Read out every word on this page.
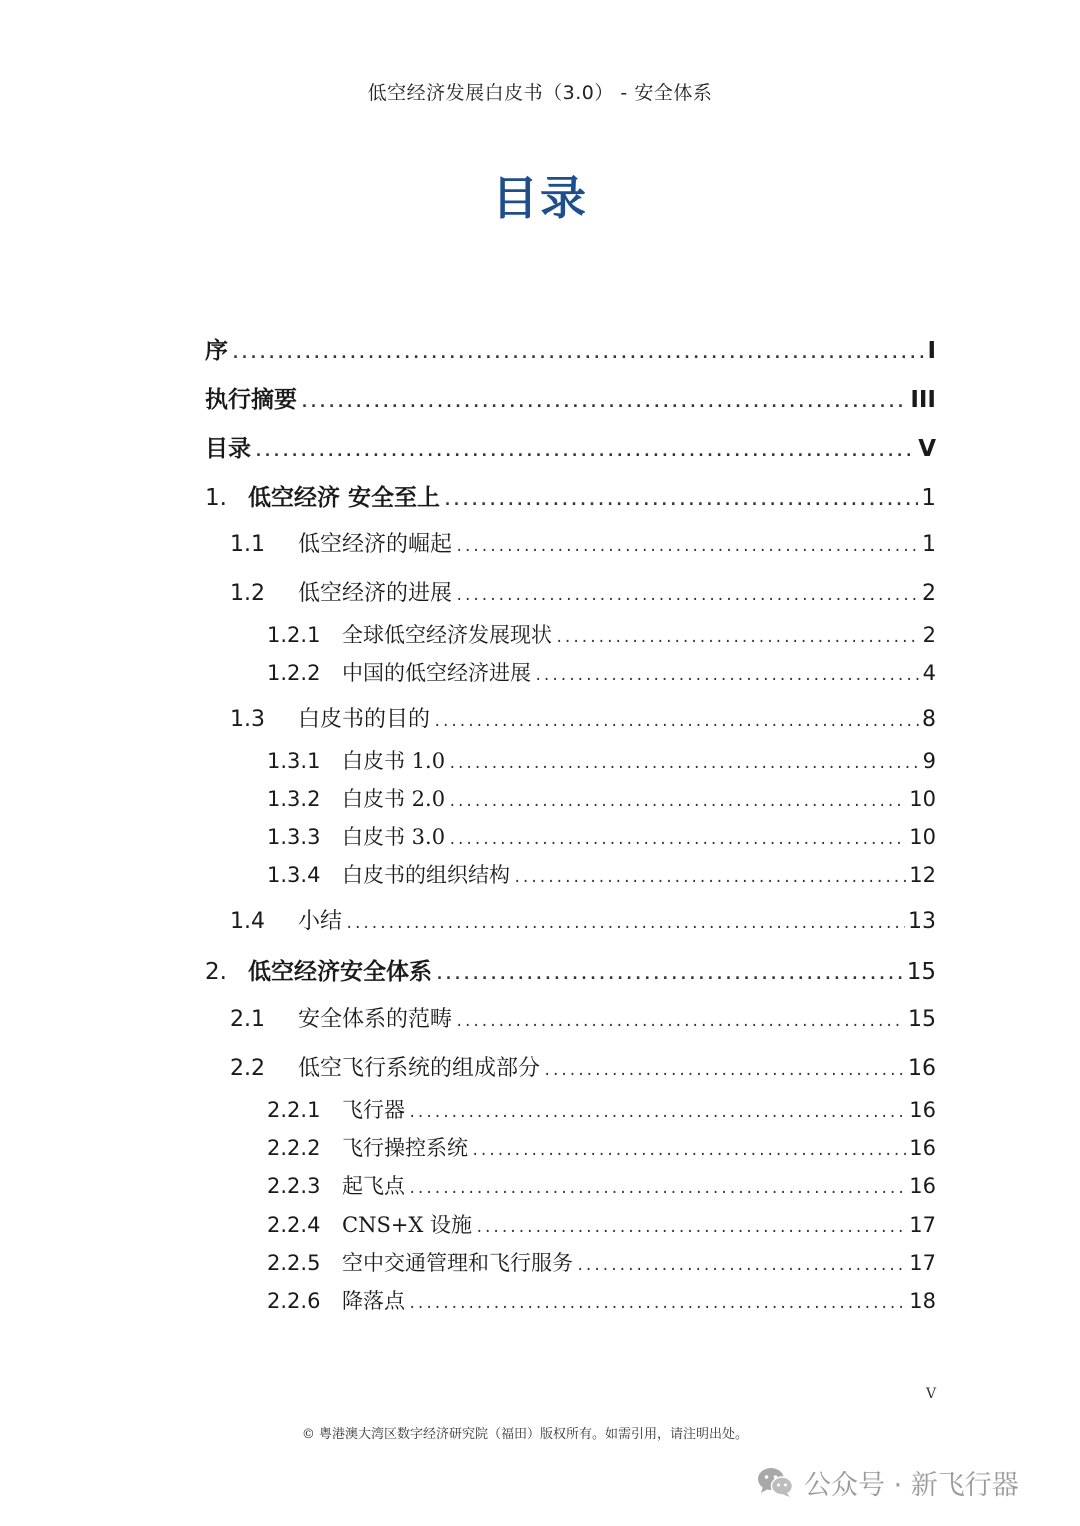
低空经济发展白皮书（3.0） - 安全体系
目录
序 .....	I
执行摘要 .....	III
目录 .....	V
1. 低空经济 安全至上 .....	1
1.1	低空经济的崛起 .....	1
1.2	低空经济的进展 .....	2
1.2.1	全球低空经济发展现状 .....	2
1.2.2	中国的低空经济进展 .....	4
1.3	白皮书的目的 .....	8
1.3.1	白皮书 1.0 .....	9
1.3.2	白皮书 2.0 .....	10
1.3.3	白皮书 3.0 .....	10
1.3.4	白皮书的组织结构 .....	12
1.4	小结 .....	13
2. 低空经济安全体系 .....	15
2.1	安全体系的范畴 .....	15
2.2	低空飞行系统的组成部分 .....	16
2.2.1	飞行器 .....	16
2.2.2	飞行操控系统 .....	16
2.2.3	起飞点 .....	16
2.2.4	CNS+X 设施 .....	17
2.2.5	空中交通管理和飞行服务 .....	17
2.2.6	降落点 .....	18
V
© 粤港澳大湾区数字经济研究院（福田）版权所有。如需引用，请注明出处。
公众号 · 新飞行器
